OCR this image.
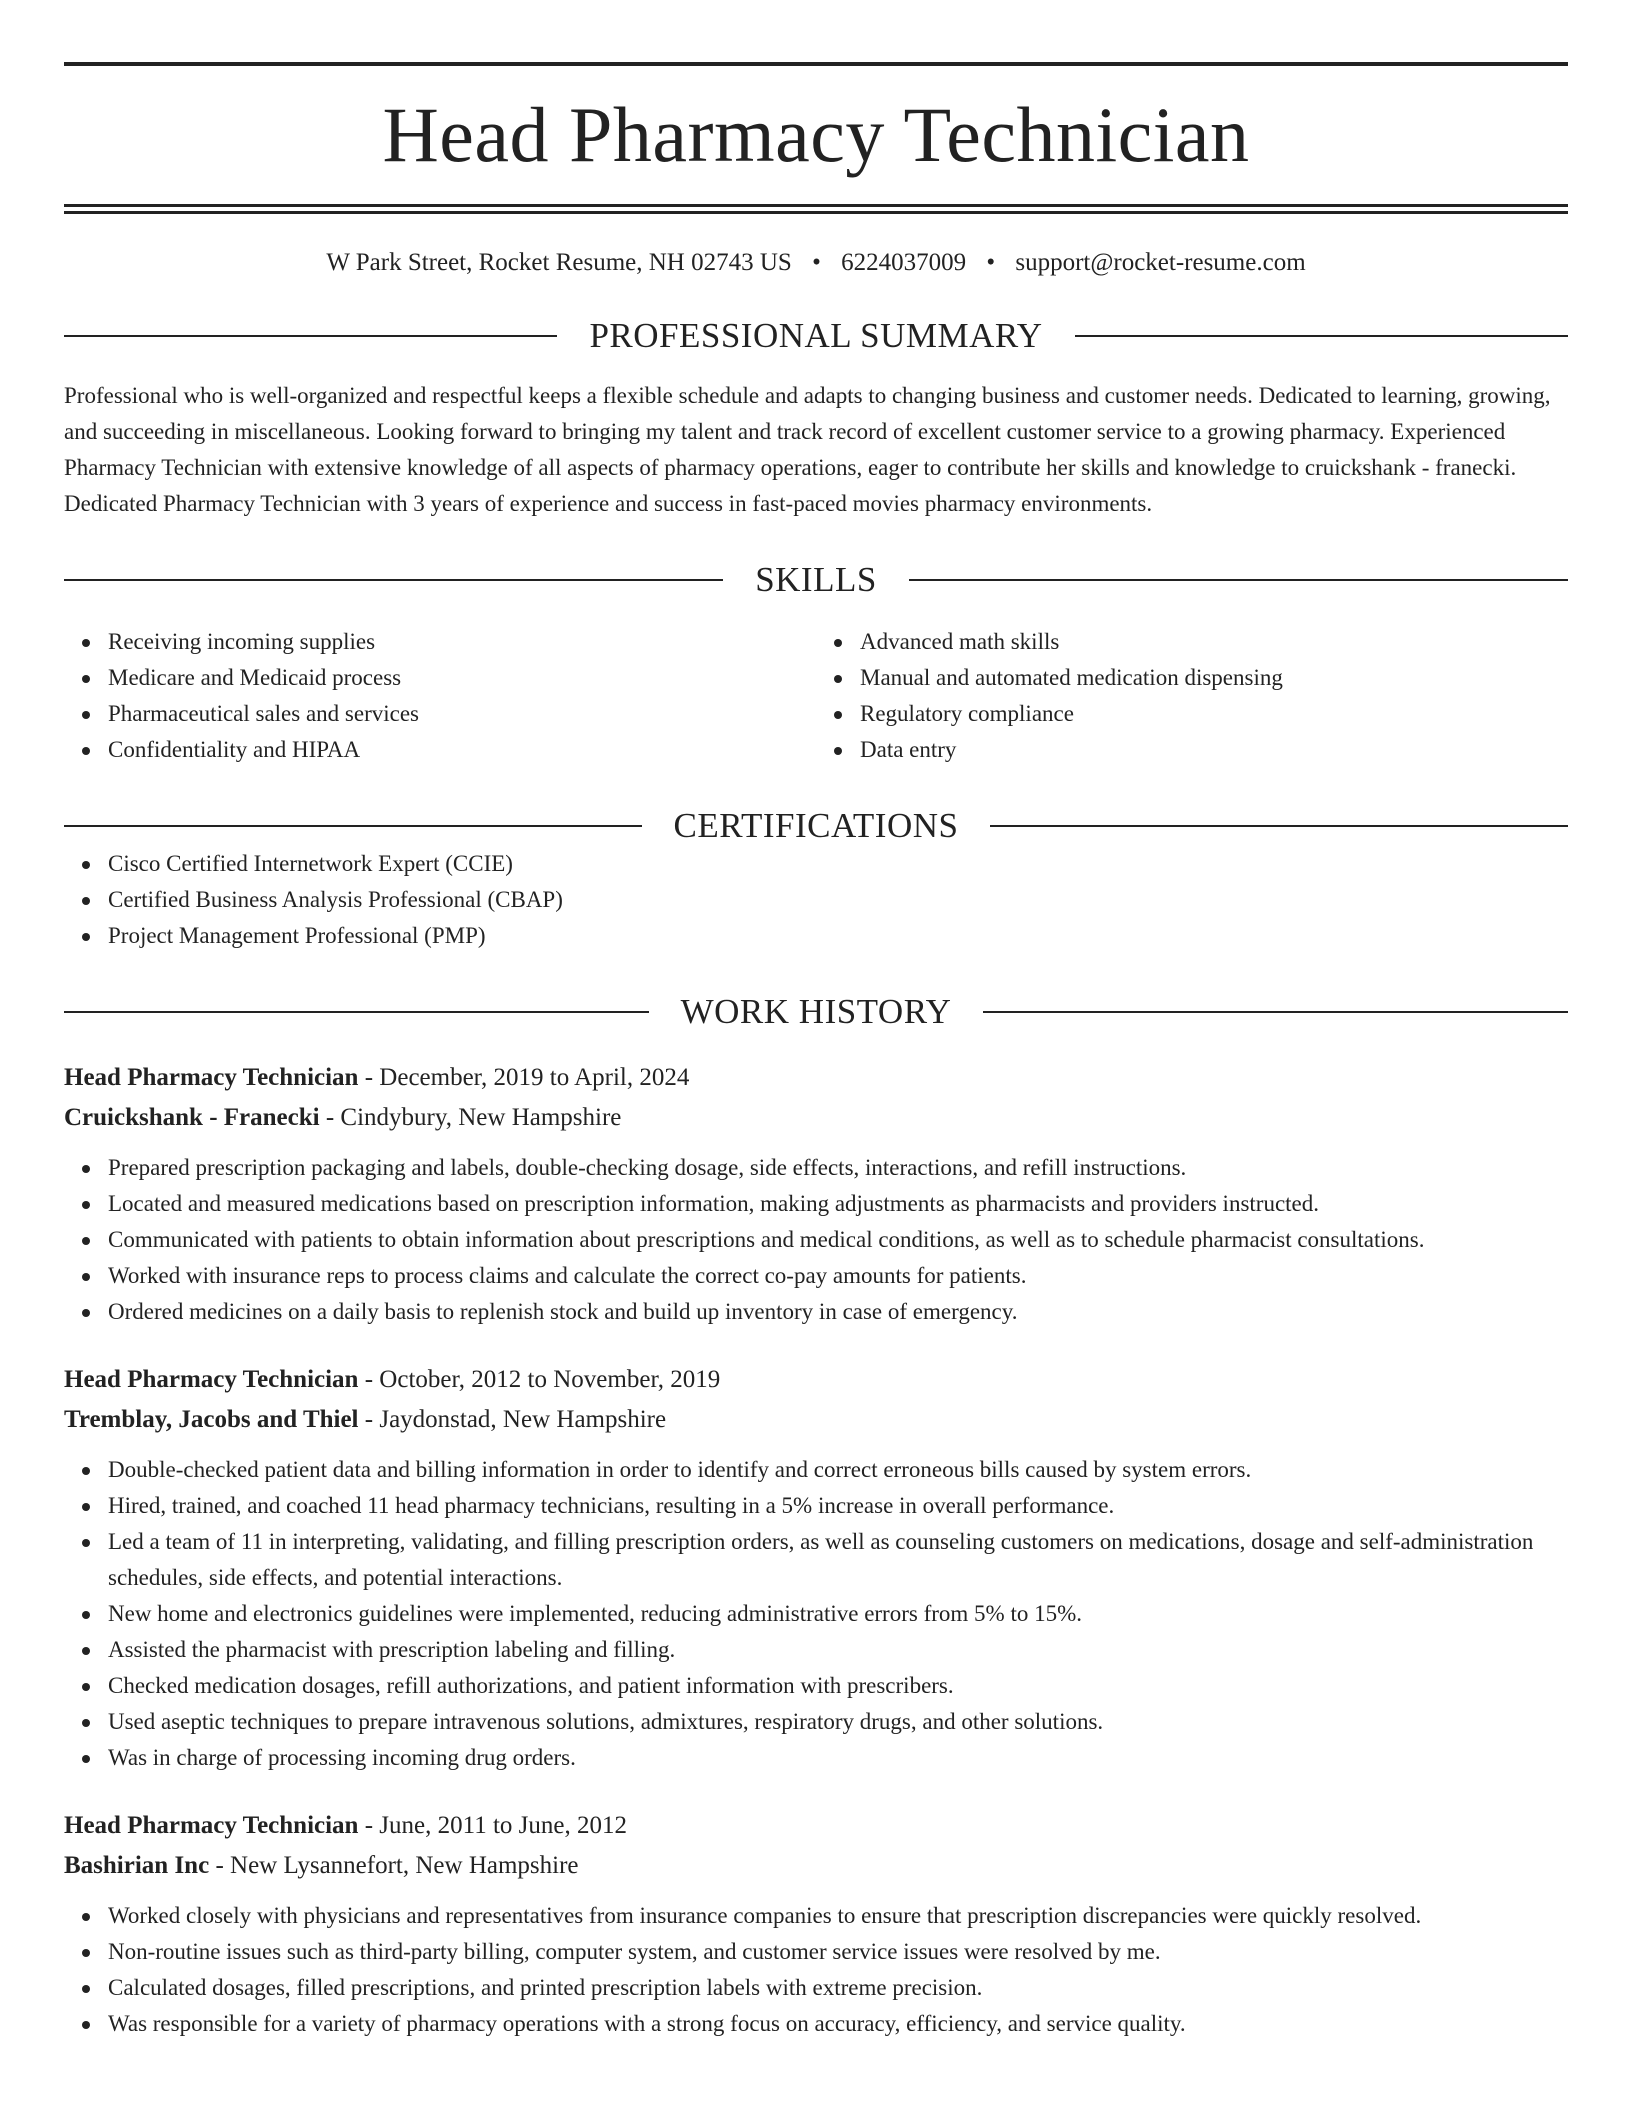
Head Pharmacy Technician
W Park Street, Rocket Resume, NH 02743 US • 6224037009 • support@rocket-resume.com
PROFESSIONAL SUMMARY
Professional who is well-organized and respectful keeps a flexible schedule and adapts to changing business and customer needs. Dedicated to learning, growing, and succeeding in miscellaneous. Looking forward to bringing my talent and track record of excellent customer service to a growing pharmacy. Experienced Pharmacy Technician with extensive knowledge of all aspects of pharmacy operations, eager to contribute her skills and knowledge to cruickshank - franecki. Dedicated Pharmacy Technician with 3 years of experience and success in fast-paced movies pharmacy environments.
SKILLS
Receiving incoming supplies
Medicare and Medicaid process
Pharmaceutical sales and services
Confidentiality and HIPAA
Advanced math skills
Manual and automated medication dispensing
Regulatory compliance
Data entry
CERTIFICATIONS
Cisco Certified Internetwork Expert (CCIE)
Certified Business Analysis Professional (CBAP)
Project Management Professional (PMP)
WORK HISTORY
Head Pharmacy Technician - December, 2019 to April, 2024
Cruickshank - Franecki - Cindybury, New Hampshire
Prepared prescription packaging and labels, double-checking dosage, side effects, interactions, and refill instructions.
Located and measured medications based on prescription information, making adjustments as pharmacists and providers instructed.
Communicated with patients to obtain information about prescriptions and medical conditions, as well as to schedule pharmacist consultations.
Worked with insurance reps to process claims and calculate the correct co-pay amounts for patients.
Ordered medicines on a daily basis to replenish stock and build up inventory in case of emergency.
Head Pharmacy Technician - October, 2012 to November, 2019
Tremblay, Jacobs and Thiel - Jaydonstad, New Hampshire
Double-checked patient data and billing information in order to identify and correct erroneous bills caused by system errors.
Hired, trained, and coached 11 head pharmacy technicians, resulting in a 5% increase in overall performance.
Led a team of 11 in interpreting, validating, and filling prescription orders, as well as counseling customers on medications, dosage and self-administration schedules, side effects, and potential interactions.
New home and electronics guidelines were implemented, reducing administrative errors from 5% to 15%.
Assisted the pharmacist with prescription labeling and filling.
Checked medication dosages, refill authorizations, and patient information with prescribers.
Used aseptic techniques to prepare intravenous solutions, admixtures, respiratory drugs, and other solutions.
Was in charge of processing incoming drug orders.
Head Pharmacy Technician - June, 2011 to June, 2012
Bashirian Inc - New Lysannefort, New Hampshire
Worked closely with physicians and representatives from insurance companies to ensure that prescription discrepancies were quickly resolved.
Non-routine issues such as third-party billing, computer system, and customer service issues were resolved by me.
Calculated dosages, filled prescriptions, and printed prescription labels with extreme precision.
Was responsible for a variety of pharmacy operations with a strong focus on accuracy, efficiency, and service quality.
